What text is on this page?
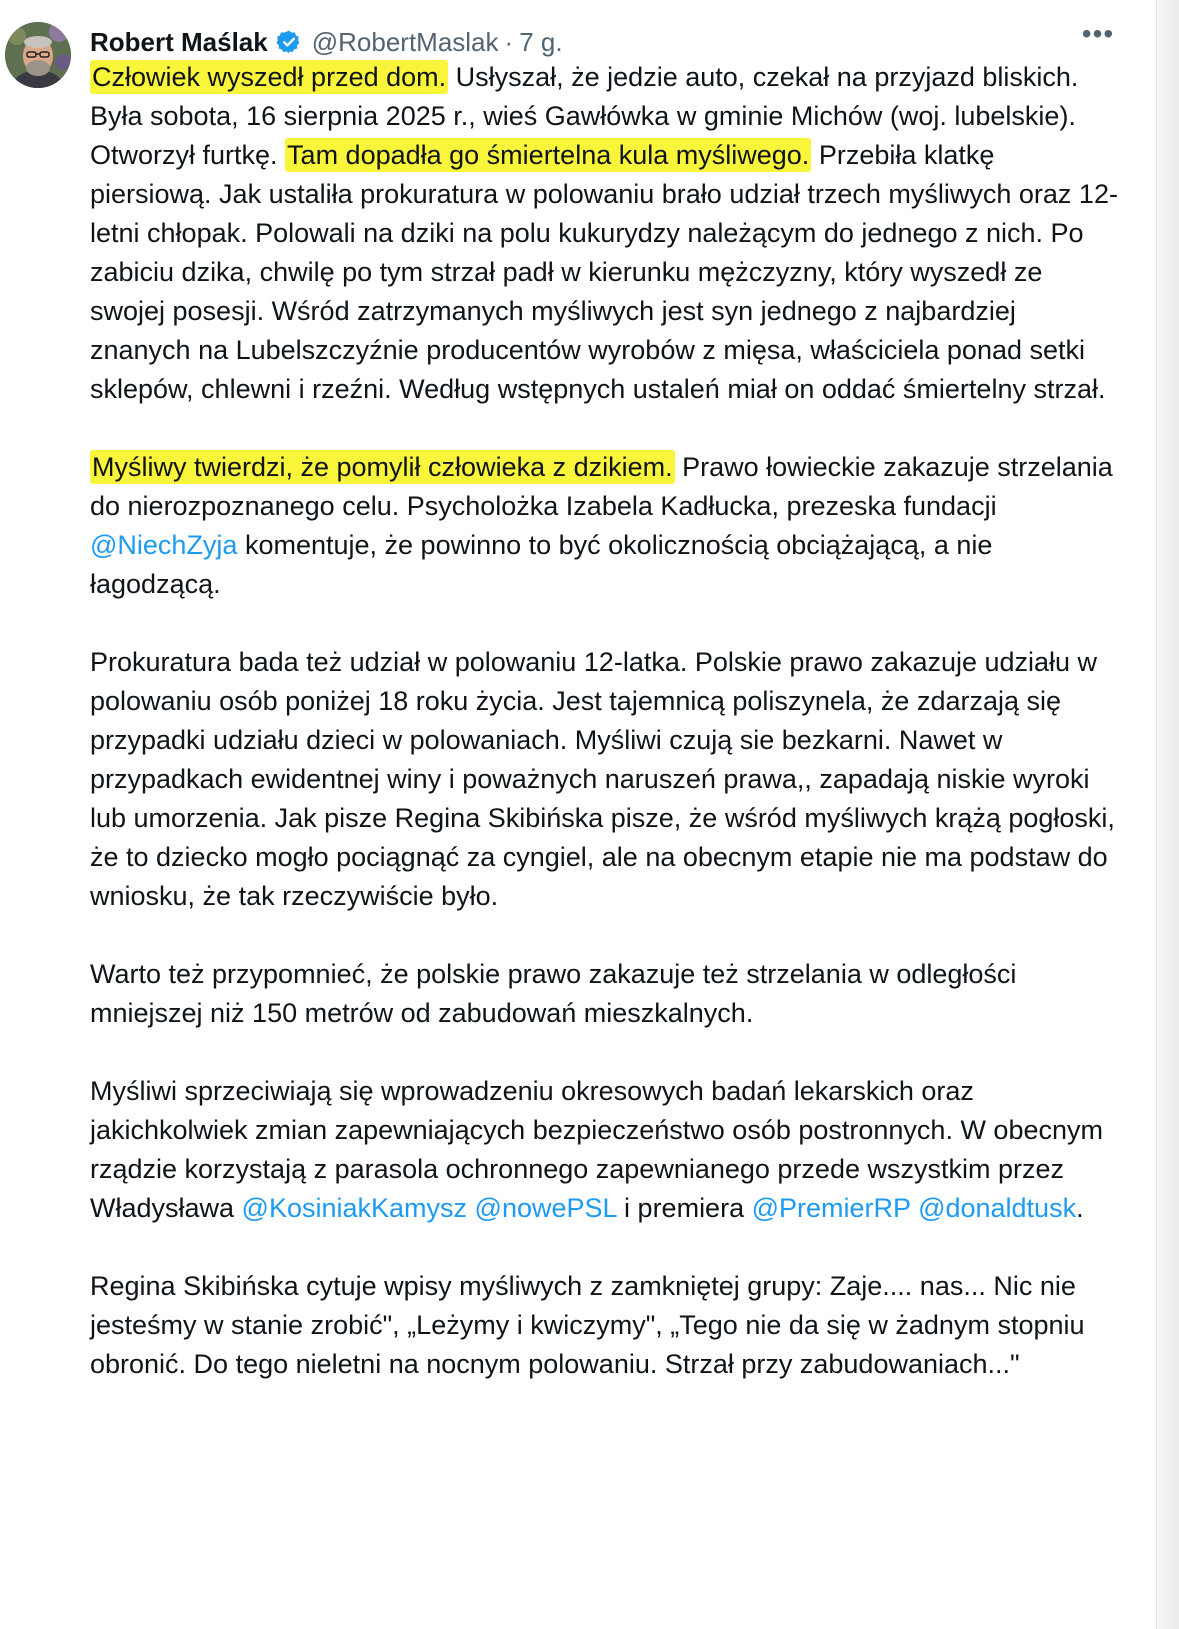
Robert Maślak @RobertMaslak · 7 g.	•••

Człowiek wyszedł przed dom. Usłyszał, że jedzie auto, czekał na przyjazd bliskich. Była sobota, 16 sierpnia 2025 r., wieś Gawłówka w gminie Michów (woj. lubelskie).
Otworzył furtkę. Tam dopadła go śmiertelna kula myśliwego. Przebiła klatkę piersiową. Jak ustaliła prokuratura w polowaniu brało udział trzech myśliwych oraz 12-letni chłopak. Polowali na dziki na polu kukurydzy należącym do jednego z nich. Po zabiciu dzika, chwilę po tym strzał padł w kierunku mężczyzny, który wyszedł ze swojej posesji. Wśród zatrzymanych myśliwych jest syn jednego z najbardziej znanych na Lubelszczyźnie producentów wyrobów z mięsa, właściciela ponad setki sklepów, chlewni i rzeźni. Według wstępnych ustaleń miał on oddać śmiertelny strzał.

Myśliwy twierdzi, że pomylił człowieka z dzikiem. Prawo łowieckie zakazuje strzelania do nierozpoznanego celu. Psycholożka Izabela Kadłucka, prezeska fundacji @NiechZyja komentuje, że powinno to być okolicznością obciążającą, a nie łagodzącą.

Prokuratura bada też udział w polowaniu 12-latka. Polskie prawo zakazuje udziału w polowaniu osób poniżej 18 roku życia. Jest tajemnicą poliszynela, że zdarzają się przypadki udziału dzieci w polowaniach. Myśliwi czują sie bezkarni. Nawet w przypadkach ewidentnej winy i poważnych naruszeń prawa,, zapadają niskie wyroki lub umorzenia. Jak pisze Regina Skibińska pisze, że wśród myśliwych krążą pogłoski, że to dziecko mogło pociągnąć za cyngiel, ale na obecnym etapie nie ma podstaw do wniosku, że tak rzeczywiście było.

Warto też przypomnieć, że polskie prawo zakazuje też strzelania w odległości mniejszej niż 150 metrów od zabudowań mieszkalnych.

Myśliwi sprzeciwiają się wprowadzeniu okresowych badań lekarskich oraz jakichkolwiek zmian zapewniających bezpieczeństwo osób postronnych. W obecnym rządzie korzystają z parasola ochronnego zapewnianego przede wszystkim przez Władysława @KosiniakKamysz @nowePSL i premiera @PremierRP @donaldtusk.

Regina Skibińska cytuje wpisy myśliwych z zamkniętej grupy: Zaje.... nas... Nic nie jesteśmy w stanie zrobić", „Leżymy i kwiczymy", „Tego nie da się w żadnym stopniu obronić. Do tego nieletni na nocnym polowaniu. Strzał przy zabudowaniach..."
